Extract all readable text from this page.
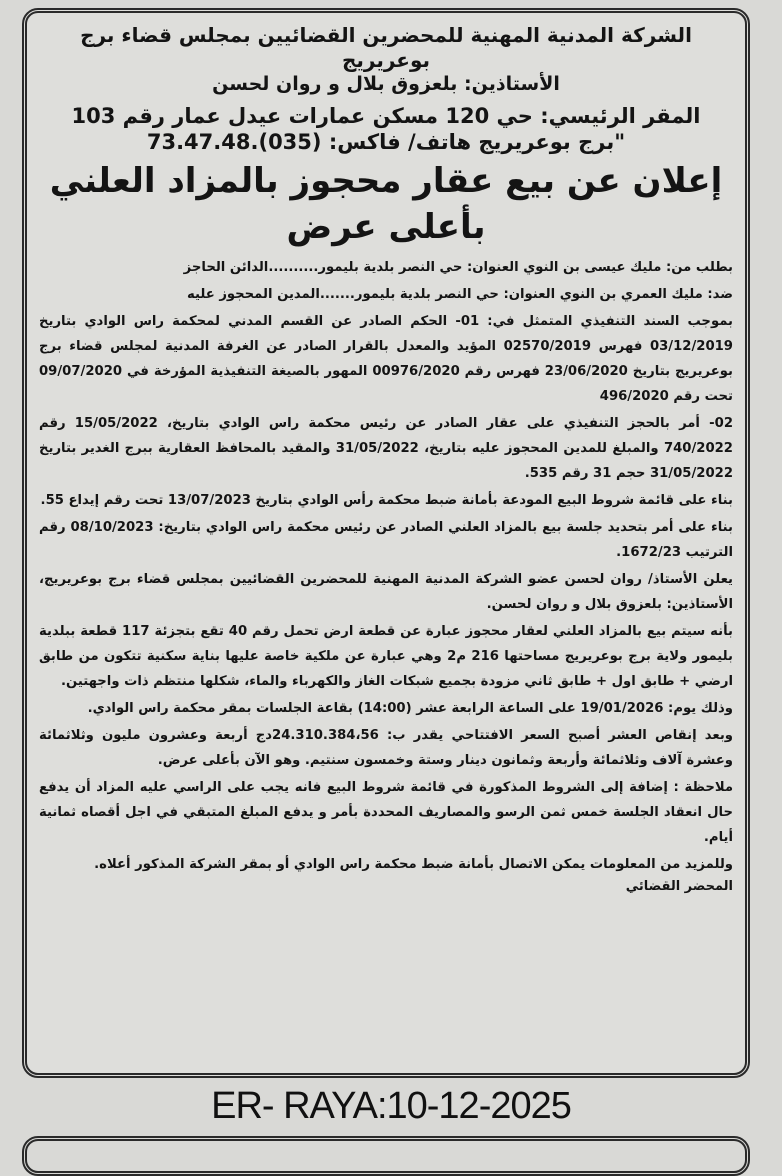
الشركة المدنية المهنية للمحضرين القضائيين بمجلس قضاء برج بوعريريج
الأستاذين: بلعزوق بلال و روان لحسن
المقر الرئيسي: حي 120 مسكن عمارات عيدل عمار رقم 103
"برج بوعريريج هاتف/ فاكس: (035).73.47.48
إعلان عن بيع عقار محجوز بالمزاد العلني
بأعلى عرض

بطلب من: مليك عيسى بن النوي العنوان: حي النصر بلدية بليمور..........الدائن الحاجز

ضد: مليك العمري بن النوي العنوان: حي النصر بلدية بليمور.......المدين المحجوز عليه

بموجب السند التنفيذي المتمثل في: 01- الحكم الصادر عن القسم المدني لمحكمة راس الوادي بتاريخ 03/12/2019 فهرس 02570/2019 المؤيد والمعدل بالقرار الصادر عن الغرفة المدنية لمجلس قضاء برج بوعريريج بتاريخ 23/06/2020 فهرس رقم 00976/2020 المهور بالصيغة التنفيذية المؤرخة في 09/07/2020 تحت رقم 496/2020

02- أمر بالحجز التنفيذي على عقار الصادر عن رئيس محكمة راس الوادي بتاريخ، 15/05/2022 رقم 740/2022 والمبلغ للمدين المحجوز عليه بتاريخ، 31/05/2022 والمقيد بالمحافظ العقارية ببرج الغدير بتاريخ 31/05/2022 حجم 31 رقم 535.

بناء على قائمة شروط البيع المودعة بأمانة ضبط محكمة رأس الوادي بتاريخ 13/07/2023 تحت رقم إيداع 55.

بناء على أمر بتحديد جلسة بيع بالمزاد العلني الصادر عن رئيس محكمة راس الوادي بتاريخ: 08/10/2023 رقم الترتيب 1672/23.

يعلن الأستاذ/ روان لحسن عضو الشركة المدنية المهنية للمحضرين القضائيين بمجلس قضاء برج بوعريريج، الأستاذين: بلعزوق بلال و روان لحسن.

بأنه سيتم بيع بالمزاد العلني لعقار محجوز عبارة عن قطعة ارض تحمل رقم 40 تقع بتجزئة 117 قطعة ببلدية بليمور ولاية برج بوعريريج مساحتها 216 م2 وهي عبارة عن ملكية خاصة عليها بناية سكنية تتكون من طابق ارضي + طابق اول + طابق ثاني مزودة بجميع شبكات الغاز والكهرباء والماء، شكلها منتظم ذات واجهتين.

وذلك يوم: 19/01/2026 على الساعة الرابعة عشر (14:00) بقاعة الجلسات بمقر محكمة راس الوادي.

وبعد إنقاص العشر أصبح السعر الافتتاحي يقدر ب: 24.310.384،56دج أربعة وعشرون مليون وثلاثمائة وعشرة آلاف وثلاثمائة وأربعة وثمانون دينار وستة وخمسون سنتيم. وهو الآن بأعلى عرض.

ملاحظة : إضافة إلى الشروط المذكورة في قائمة شروط البيع فانه يجب على الراسي عليه المزاد أن يدفع حال انعقاد الجلسة خمس ثمن الرسو والمصاريف المحددة بأمر و يدفع المبلغ المتبقي في اجل أقصاه ثمانية أيام.

وللمزيد من المعلومات يمكن الاتصال بأمانة ضبط محكمة راس الوادي أو بمقر الشركة المذكور أعلاه.

المحضر القضائي
ER- RAYA:10-12-2025
